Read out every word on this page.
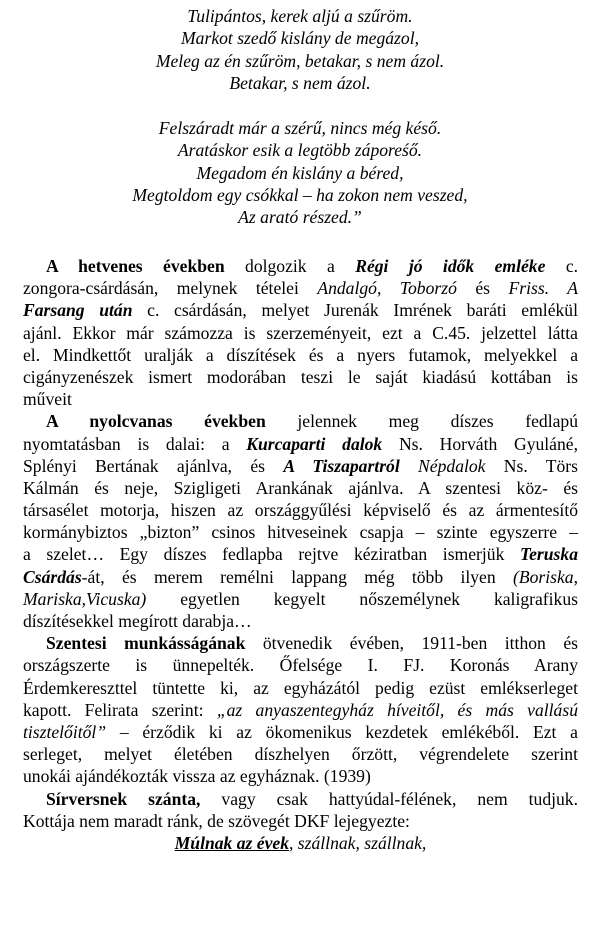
Tulipántos, kerek aljú a szűröm.
Markot szedő kislány de megázol,
Meleg az én szűröm, betakar, s nem ázol.
Betakar, s nem ázol.
Felszáradt már a szérű, nincs még késő.
Aratáskor esik a legtöbb záporeśő.
Megadom én kislány a béred,
Megtoldom egy csókkal – ha zokon nem veszed,
Az arató részed.”
A hetvenes években dolgozik a Régi jó idők emléke c.
zongora-csárdásán, melynek tételei Andalgó, Toborzó és Friss. A
Farsang után c. csárdásán, melyet Jurenák Imrének baráti emlékül
ajánl. Ekkor már számozza is szerzeményeit, ezt a C.45. jelzettel látta
el. Mindkettőt uralják a díszítések és a nyers futamok, melyekkel a
cigányzenészek ismert modorában teszi le saját kiadású kottában is
műveit
A nyolcvanas években jelennek meg díszes fedlapú
nyomtatásban is dalai: a Kurcaparti dalok Ns. Horváth Gyuláné,
Splényi Bertának ajánlva, és A Tiszapartról Népdalok Ns. Törs
Kálmán és neje, Szigligeti Arankának ajánlva. A szentesi köz- és
társasélet motorja, hiszen az országgyűlési képviselő és az ármentesítő
kormánybiztos „bizton” csinos hitveseinek csapja – szinte egyszerre –
a szelet… Egy díszes fedlapba rejtve kéziratban ismerjük Teruska
Csárdás-át, és merem remélni lappang még több ilyen (Boriska,
Mariska,Vicuska) egyetlen kegyelt nőszemélynek kaligrafikus
díszítésekkel megírott darabja…
Szentesi munkásságának ötvenedik évében, 1911-ben itthon és
országszerte is ünnepelték. Őfelsége I. FJ. Koronás Arany
Érdemkereszttel tüntette ki, az egyházától pedig ezüst emlékserleget
kapott. Felirata szerint: „az anyaszentegyház híveitől, és más vallású
tisztelőitől” – érződik ki az ökomenikus kezdetek emlékéből. Ezt a
serleget, melyet életében díszhelyen őrzött, végrendelete szerint
unokái ajándékozták vissza az egyháznak. (1939)
Sírversnek szánta, vagy csak hattyúdal-félének, nem tudjuk.
Kottája nem maradt ránk, de szövegét DKF lejegyezte:
Múlnak az évek, szállnak, szállnak,
